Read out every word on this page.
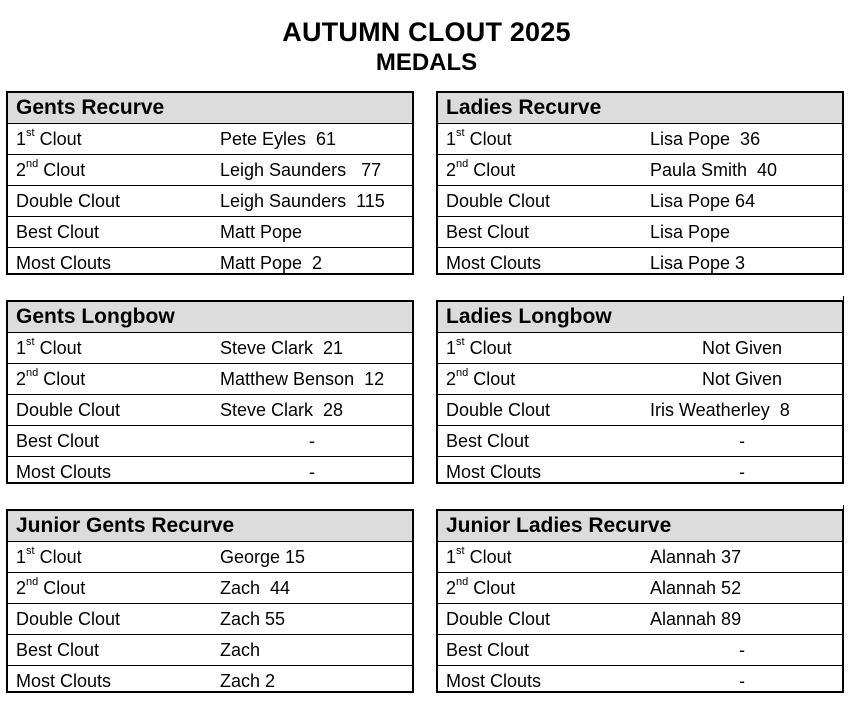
AUTUMN CLOUT 2025
MEDALS
Gents Recurve
1st Clout	Pete Eyles  61
2nd Clout	Leigh Saunders   77
Double Clout	Leigh Saunders  115
Best Clout	Matt Pope
Most Clouts	Matt Pope  2
Ladies Recurve
1st Clout	Lisa Pope  36
2nd Clout	Paula Smith  40
Double Clout	Lisa Pope 64
Best Clout	Lisa Pope
Most Clouts	Lisa Pope 3
Gents Longbow
1st Clout	Steve Clark  21
2nd Clout	Matthew Benson  12
Double Clout	Steve Clark  28
Best Clout	-
Most Clouts	-
Ladies Longbow
1st Clout	Not Given
2nd Clout	Not Given
Double Clout	Iris Weatherley  8
Best Clout	-
Most Clouts	-
Junior Gents Recurve
1st Clout	George 15
2nd Clout	Zach  44
Double Clout	Zach 55
Best Clout	Zach
Most Clouts	Zach 2
Junior Ladies Recurve
1st Clout	Alannah 37
2nd Clout	Alannah 52
Double Clout	Alannah 89
Best Clout	-
Most Clouts	-
